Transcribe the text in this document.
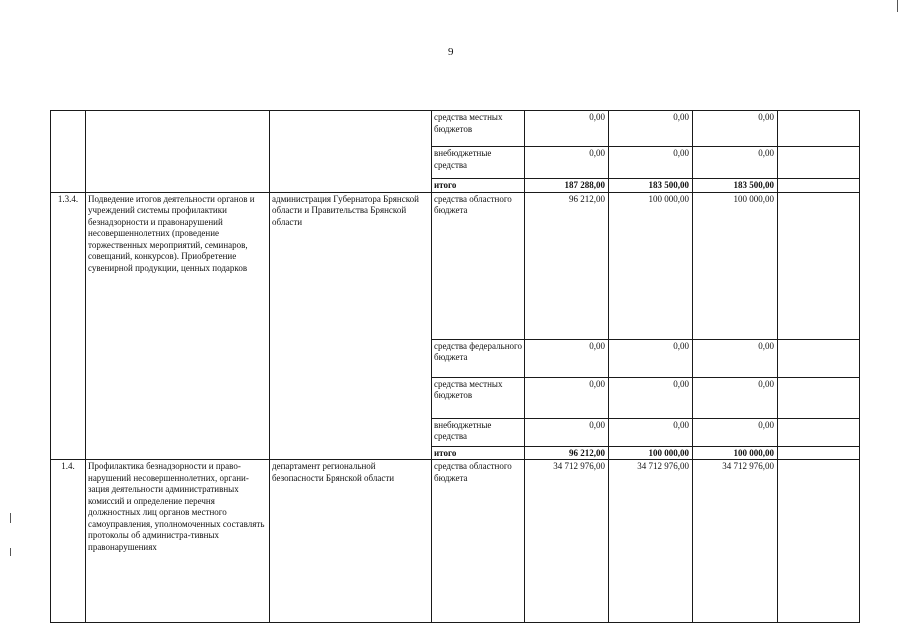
9
			средства местных бюджетов	0,00	0,00	0,00	
			внебюджетные средства	0,00	0,00	0,00	
			итого	187 288,00	183 500,00	183 500,00	
1.3.4.	Подведение итогов деятельности органов и учреждений системы профилактики безнадзорности и правонарушений несовершеннолетних (проведение торжественных мероприятий, семинаров, совещаний, конкурсов). Приобретение сувенирной продукции, ценных подарков	администрация Губернатора Брянской области и Правительства Брянской области	средства областного бюджета	96 212,00	100 000,00	100 000,00	
			средства федерального бюджета	0,00	0,00	0,00	
			средства местных бюджетов	0,00	0,00	0,00	
			внебюджетные средства	0,00	0,00	0,00	
			итого	96 212,00	100 000,00	100 000,00	
1.4.	Профилактика безнадзорности и право-нарушений несовершеннолетних, органи-зация деятельности административных комиссий и определение перечня должностных лиц органов местного самоуправления, уполномоченных составлять протоколы об администра-тивных правонарушениях	департамент региональной безопасности Брянской области	средства областного бюджета	34 712 976,00	34 712 976,00	34 712 976,00	
